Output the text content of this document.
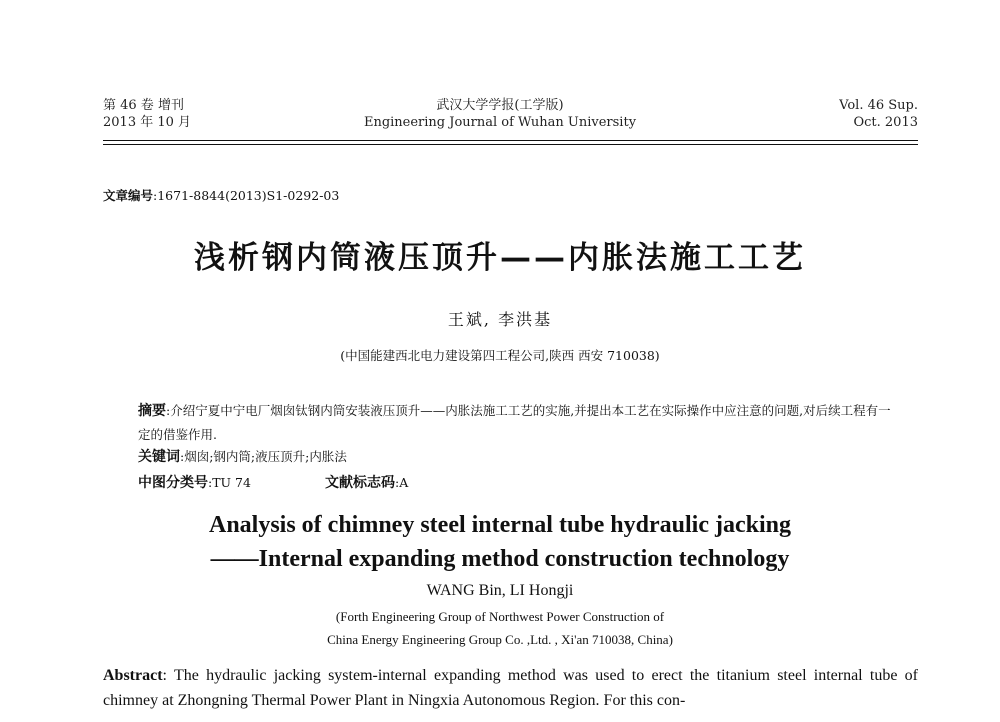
第 46 卷 增刊
2013 年 10 月
武汉大学学报(工学版)
Engineering Journal of Wuhan University
Vol. 46 Sup.
Oct. 2013
文章编号:1671-8844(2013)S1-0292-03
浅析钢内筒液压顶升——内胀法施工工艺
王斌, 李洪基
(中国能建西北电力建设第四工程公司,陕西 西安 710038)
摘要:介绍宁夏中宁电厂烟囱钛钢内筒安装液压顶升——内胀法施工工艺的实施,并提出本工艺在实际操作中应注意的问题,对后续工程有一定的借鉴作用.
关键词:烟囱;钢内筒;液压顶升;内胀法
中图分类号:TU 74	文献标志码:A
Analysis of chimney steel internal tube hydraulic jacking
——Internal expanding method construction technology
WANG Bin, LI Hongji
(Forth Engineering Group of Northwest Power Construction of
China Energy Engineering Group Co. ,Ltd. , Xi'an 710038, China)
Abstract: The hydraulic jacking system-internal expanding method was used to erect the titanium steel internal tube of chimney at Zhongning Thermal Power Plant in Ningxia Autonomous Region. For this con-
